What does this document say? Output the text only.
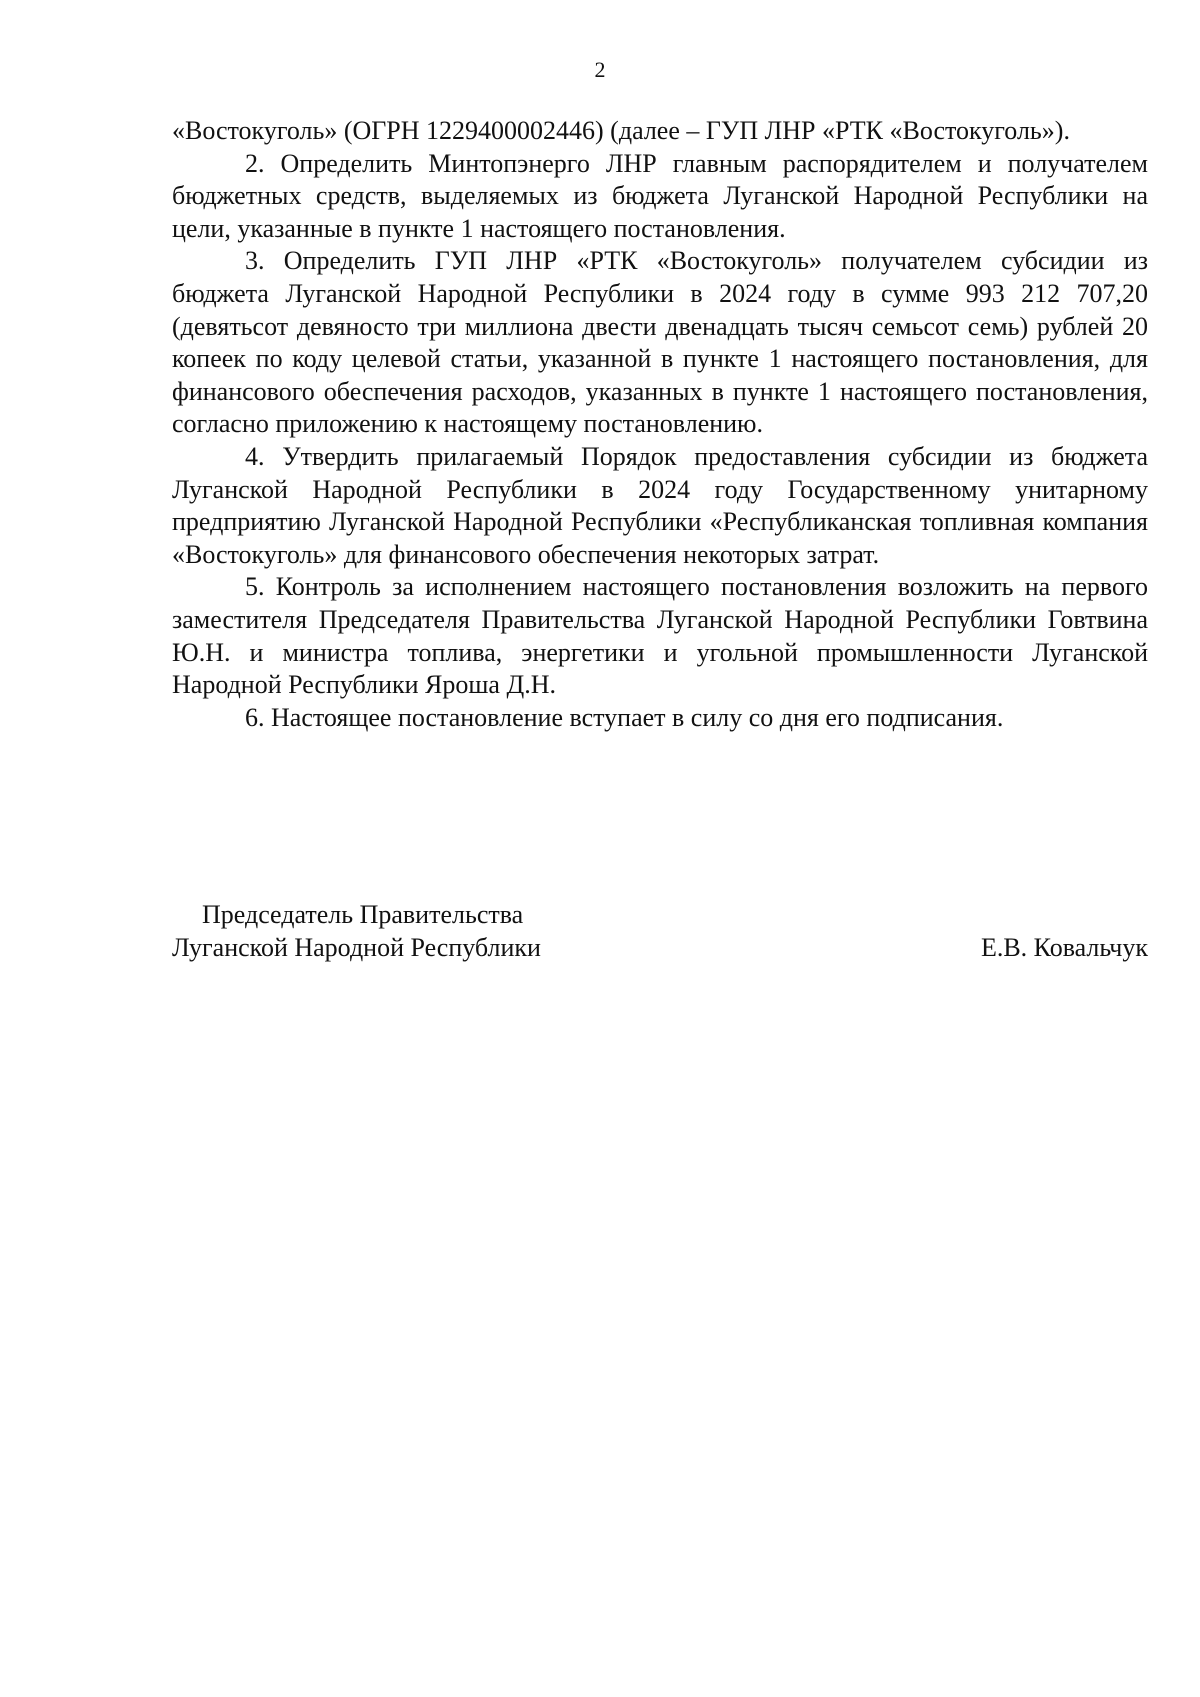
2

«Востокуголь» (ОГРН 1229400002446) (далее – ГУП ЛНР «РТК «Востокуголь»).

2. Определить Минтопэнерго ЛНР главным распорядителем и получателем бюджетных средств, выделяемых из бюджета Луганской Народной Республики на цели, указанные в пункте 1 настоящего постановления.

3. Определить ГУП ЛНР «РТК «Востокуголь» получателем субсидии из бюджета Луганской Народной Республики в 2024 году в сумме 993 212 707,20 (девятьсот девяносто три миллиона двести двенадцать тысяч семьсот семь) рублей 20 копеек по коду целевой статьи, указанной в пункте 1 настоящего постановления, для финансового обеспечения расходов, указанных в пункте 1 настоящего постановления, согласно приложению к настоящему постановлению.

4. Утвердить прилагаемый Порядок предоставления субсидии из бюджета Луганской Народной Республики в 2024 году Государственному унитарному предприятию Луганской Народной Республики «Республиканская топливная компания «Востокуголь» для финансового обеспечения некоторых затрат.

5. Контроль за исполнением настоящего постановления возложить на первого заместителя Председателя Правительства Луганской Народной Республики Говтвина Ю.Н. и министра топлива, энергетики и угольной промышленности Луганской Народной Республики Яроша Д.Н.

6. Настоящее постановление вступает в силу со дня его подписания.

Председатель Правительства
Луганской Народной Республики	Е.В. Ковальчук
